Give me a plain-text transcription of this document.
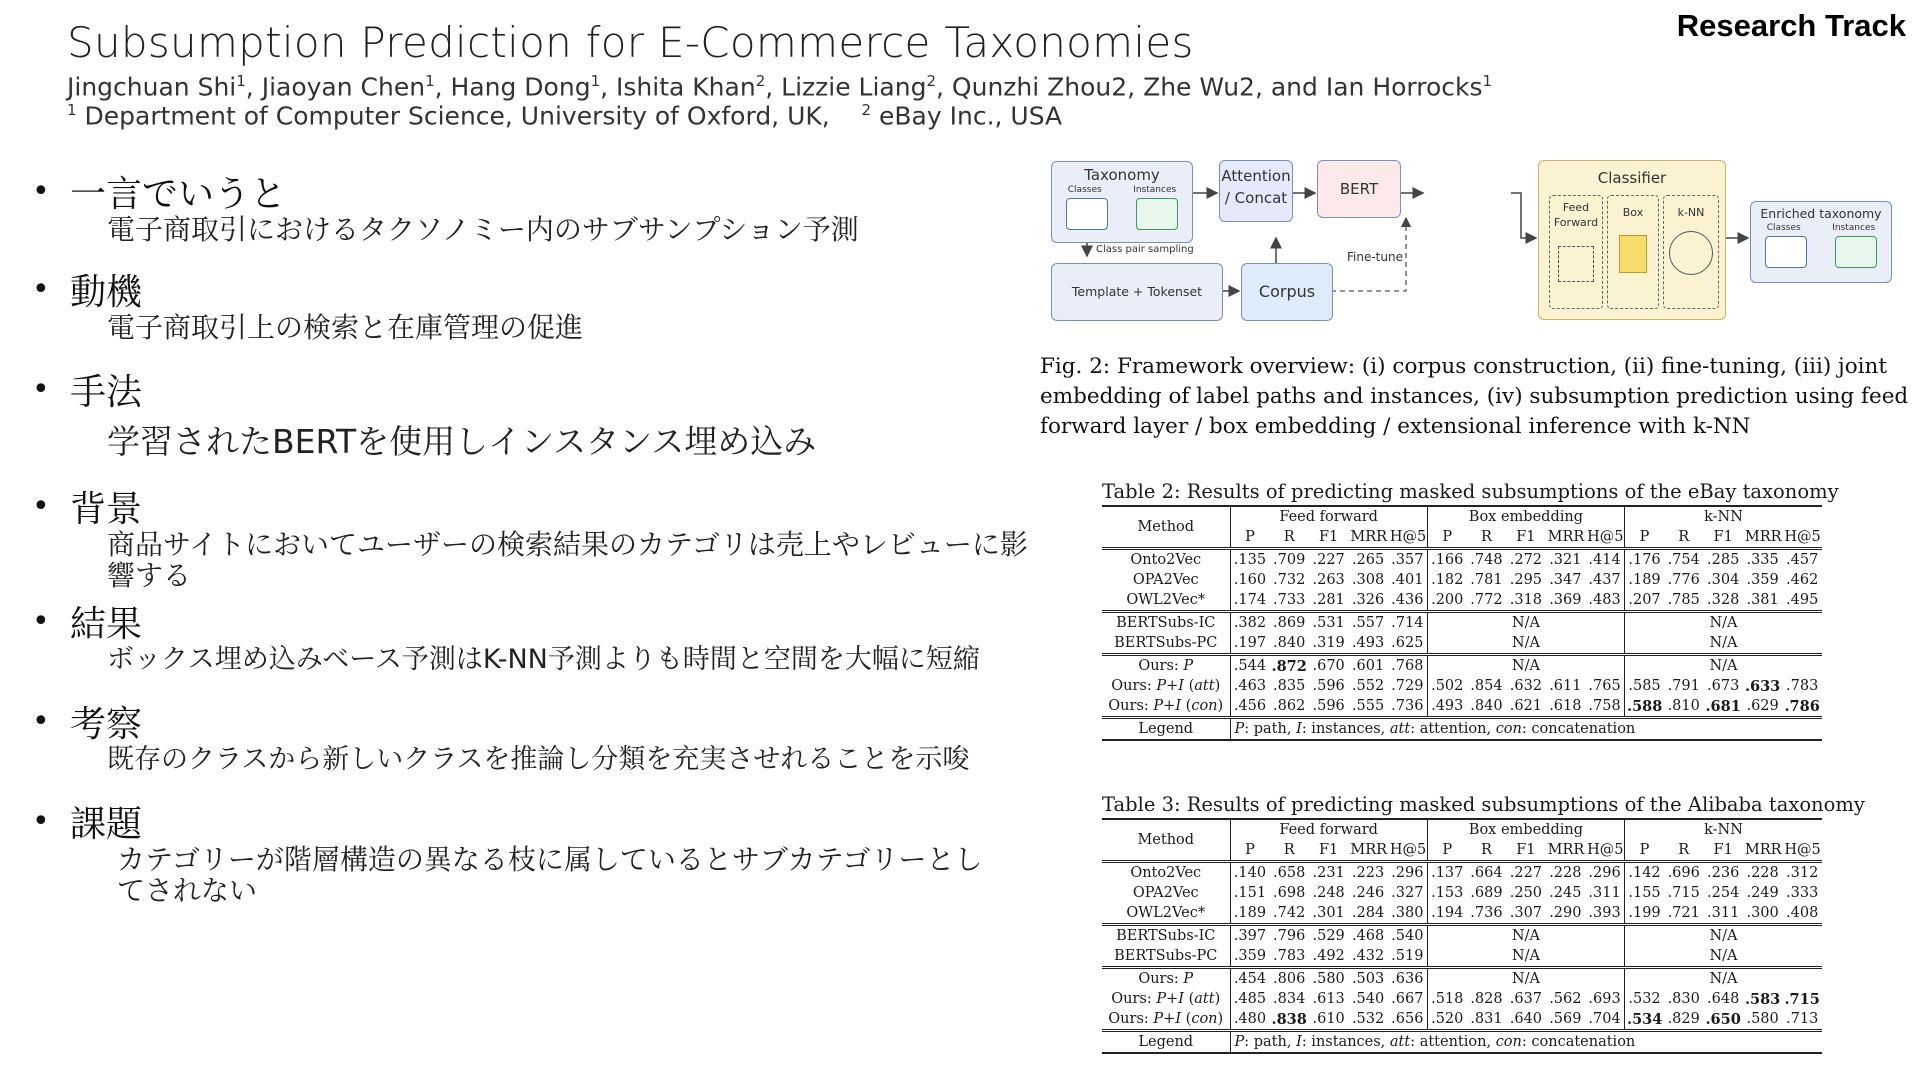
Research Track
Subsumption Prediction for E-Commerce Taxonomies
Jingchuan Shi$^1$, Jiaoyan Chen$^1$, Hang Dong$^1$, Ishita Khan$^2$, Lizzie Liang$^2$, Qunzhi Zhou2, Zhe Wu2, and Ian Horrocks$^1$
$^1$ Department of Computer Science, University of Oxford, UK, $^2$ eBay Inc., USA
• 一言でいうと
電子商取引におけるタクソノミー内のサブサンプション予測
• 動機
電子商取引上の検索と在庫管理の促進
• 手法
学習されたBERTを使用しインスタンス埋め込み
• 背景
商品サイトにおいてユーザーの検索結果のカテゴリは売上やレビューに影響する
• 結果
ボックス埋め込みベース予測はK-NN予測よりも時間と空間を大幅に短縮
• 考察
既存のクラスから新しいクラスを推論し分類を充実させれることを示唆
• 課題
カテゴリーが階層構造の異なる枝に属しているとサブカテゴリーとしてされない
Taxonomy
Classes	Instances
Class pair sampling
Attention / Concat	BERT
Template + Tokenset	Corpus
Fine-tune
Classifier
Feed Forward
Box	k-NN	Enriched taxonomy
Classes	Instances
Fig. 2: Framework overview: (i) corpus construction, (ii) fine-tuning, (iii) joint embedding of label paths and instances, (iv) subsumption prediction using feed forward layer / box embedding / extensional inference with k-NN
Table 2: Results of predicting masked subsumptions of the eBay taxonomy
Method	Feed forward					Box embedding					k-NN				
	P	R	F1	MRR	H@5	P	R	F1	MRR	H@5	P	R	F1	MRR	H@5
Onto2Vec	.135	.709	.227	.265	.357	.166	.748	.272	.321	.414	.176	.754	.285	.335	.457
OPA2Vec	.160	.732	.263	.308	.401	.182	.781	.295	.347	.437	.189	.776	.304	.359	.462
OWL2Vec*	.174	.733	.281	.326	.436	.200	.772	.318	.369	.483	.207	.785	.328	.381	.495
BERTSubs-IC	.382	.869	.531	.557	.714	N/A					N/A				
BERTSubs-PC	.197	.840	.319	.493	.625	N/A					N/A				
Ours: P	.544	.872	.670	.601	.768	N/A					N/A				
Ours: P+I (att)	.463	.835	.596	.552	.729	.502	.854	.632	.611	.765	.585	.791	.673	.633	.783
Ours: P+I (con)	.456	.862	.596	.555	.736	.493	.840	.621	.618	.758	.588	.810	.681	.629	.786
Legend	P: path, I: instances, att: attention, con: concatenation														
Table 3: Results of predicting masked subsumptions of the Alibaba taxonomy
Method	Feed forward					Box embedding					k-NN				
	P	R	F1	MRR	H@5	P	R	F1	MRR	H@5	P	R	F1	MRR	H@5
Onto2Vec	.140	.658	.231	.223	.296	.137	.664	.227	.228	.296	.142	.696	.236	.228	.312
OPA2Vec	.151	.698	.248	.246	.327	.153	.689	.250	.245	.311	.155	.715	.254	.249	.333
OWL2Vec*	.189	.742	.301	.284	.380	.194	.736	.307	.290	.393	.199	.721	.311	.300	.408
BERTSubs-IC	.397	.796	.529	.468	.540	N/A					N/A				
BERTSubs-PC	.359	.783	.492	.432	.519	N/A					N/A				
Ours: P	.454	.806	.580	.503	.636	N/A					N/A				
Ours: P+I (att)	.485	.834	.613	.540	.667	.518	.828	.637	.562	.693	.532	.830	.648	.583	.715
Ours: P+I (con)	.480	.838	.610	.532	.656	.520	.831	.640	.569	.704	.534	.829	.650	.580	.713
Legend	P: path, I: instances, att: attention, con: concatenation														
